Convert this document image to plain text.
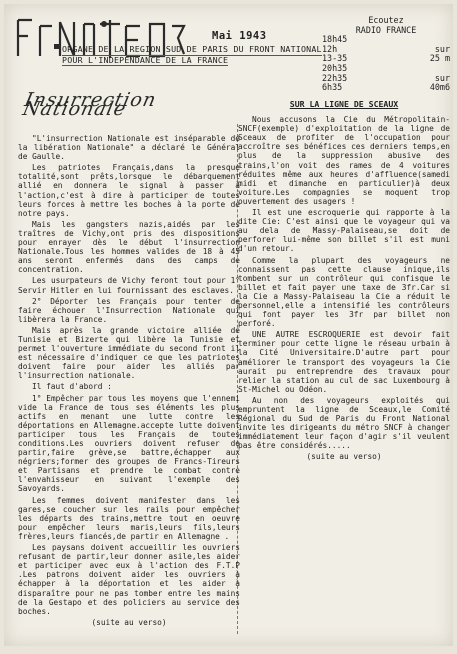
Mai 1943
Ecoutez
RADIO FRANCE
18h45
12h	sur
13-35	25 m
20h35
22h35	sur
6h35	40m6
ORGANE DE LA REGION SUD DE PARIS DU FRONT NATIONAL
POUR L'INDEPENDANCE DE LA FRANCE
Insurrection Nationale

"L'insurrection Nationale est inséparable de la libération Nationale" a déclaré le Général de Gaulle.

Les patriotes Français,dans la presque totalité,sont prêts,lorsque le débarquement allié en donnera le signal à passer à l'action,c'est à dire à participer de toutes leurs forces à mettre les boches à la porte de notre pays.

Mais les gangsters nazis,aidés par les traîtres de Vichy,ont pris des dispositions pour enrayer dès le début l'insurrection Nationale.Tous les hommes valides de 18 à 45 ans seront enfermés dans des camps de concentration.

Les usurpateurs de Vichy feront tout pour 1° Servir Hitler en lui fournissant des esclaves.

2° Déporter les Français pour tenter de faire échouer l'Insurrection Nationale qui libèrera la France.

Mais après la grande victoire alliée de Tunisie et Bizerte qui libère la Tunisie et permet l'ouverture immédiate du second front il est nécessaire d'indiquer ce que les patriotes doivent faire pour aider les alliés par l'insurrection nationale.

Il faut d'abord :

1° Empêcher par tous les moyens que l'ennemi vide la France de tous ses éléments les plus actifs en menant une lutte contre les déportations en Allemagne.accepte lutte doivent participer tous les Français de toutes conditions.Les ouvriers doivent refuser de partir,faire grève,se battre,échapper aux négriers;former des groupes de Francs-Tireurs et Partisans et prendre le combat contre l'envahisseur en suivant l'exemple des Savoyards.

Les femmes doivent manifester dans les gares,se coucher sur les rails pour empêcher les départs des trains,mettre tout en oeuvre pour empêcher leurs maris,leurs fils,leurs frères,leurs fiancés,de partir en Allemagne .

Les paysans doivent accueillir les ouvriers refusant de partir,leur donner asile,les aider et participer avec eux à l'action des F.T.P .Les patrons doivent aider les ouvriers à échapper à la déportation et les aider à disparaître pour ne pas tomber entre les mains de la Gestapo et des policiers au service des boches.

(suite au verso)
SUR LA LIGNE DE SCEAUX

Nous accusons la Cie du Métropolitain-SNCF(exemple) d'exploitation de la ligne de Sceaux de profiter de l'occupation pour accroître ses bénéfices ces derniers temps,en plus de la suppression abusive des trains,l'on voit des rames de 4 voitures réduites même aux heures d'affluence(samedi midi et dimanche en particulier)à deux voiture.Les compagnies se moquent trop ouvertement des usagers !

Il est une escroquerie qui rapporte à la dite Cie: C'est ainsi que le voyageur qui va au dela de Massy-Palaiseau,se doit de perforer lui-même son billet s'il est muni d'un retour.

Comme la plupart des voyageurs ne connaissent pas cette clause inique,ils tombent sur un contrôleur qui confisque le billet et fait payer une taxe de 3fr.Car si la Cie a Massy-Palaiseau la Cie a réduit le personnel,elle a intensifié les contrôleurs qui font payer les 3fr par billet non perforé.

UNE AUTRE ESCROQUERIE est devoir fait terminer pour cette ligne le réseau urbain à la Cité Universitaire.D'autre part pour améliorer le transport des voyageurs la Cie aurait pu entreprendre des travaux pour relier la station au cul de sac Luxembourg à St-Michel ou Odéon.

Au non des voyageurs exploités qui empruntent la ligne de Sceaux,le Comité Régional du Sud de Paris du Front National invite les dirigeants du métro SNCF à changer immédiatement leur façon d'agir s'il veulent pas être considérés.....

(suite au verso)
